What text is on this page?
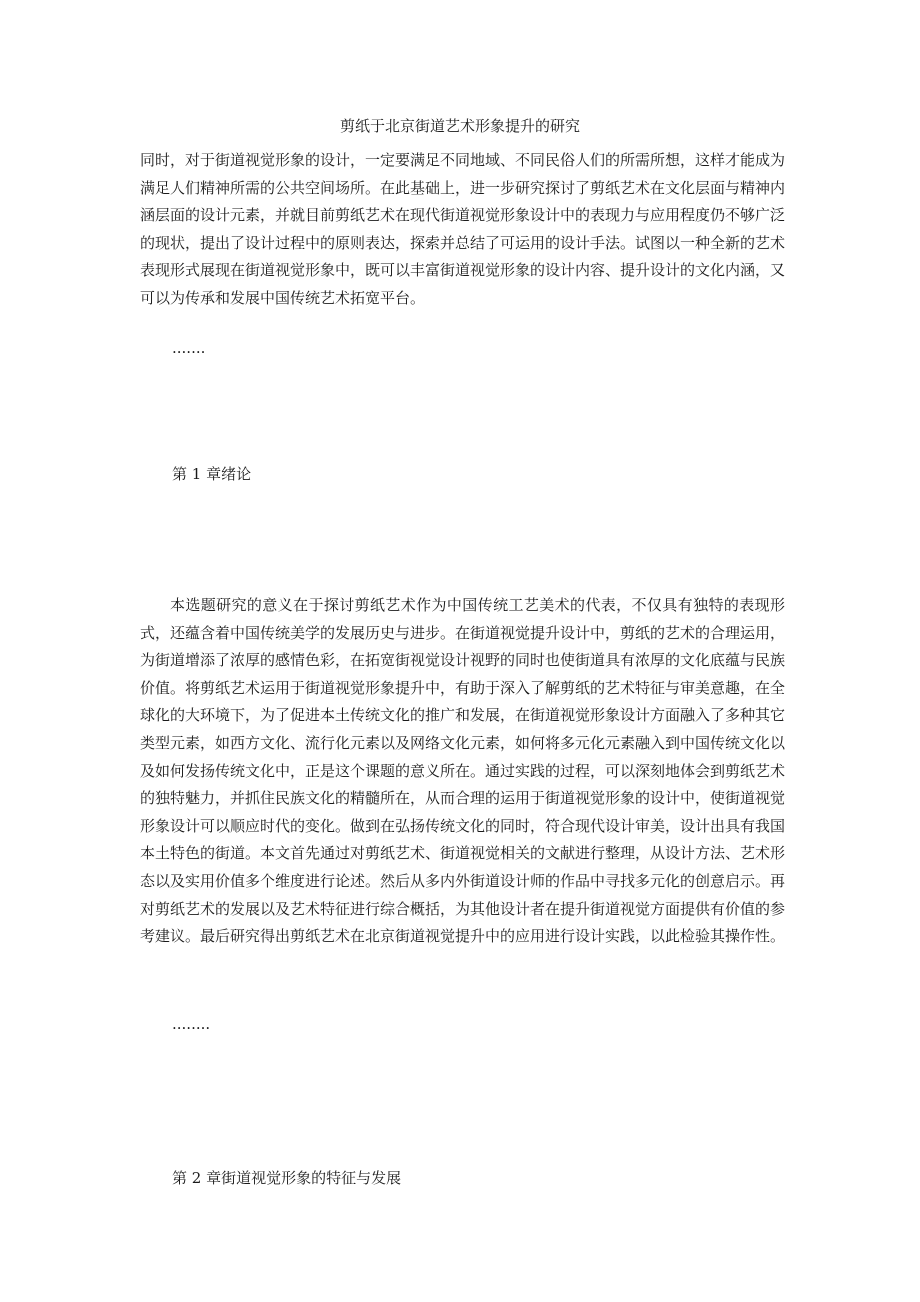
剪纸于北京街道艺术形象提升的研究

同时，对于街道视觉形象的设计，一定要满足不同地域、不同民俗人们的所需所想，这样才能成为满足人们精神所需的公共空间场所。在此基础上，进一步研究探讨了剪纸艺术在文化层面与精神内涵层面的设计元素，并就目前剪纸艺术在现代街道视觉形象设计中的表现力与应用程度仍不够广泛的现状，提出了设计过程中的原则表达，探索并总结了可运用的设计手法。试图以一种全新的艺术表现形式展现在街道视觉形象中，既可以丰富街道视觉形象的设计内容、提升设计的文化内涵，又可以为传承和发展中国传统艺术拓宽平台。

.......

第 1 章绪论

本选题研究的意义在于探讨剪纸艺术作为中国传统工艺美术的代表，不仅具有独特的表现形式，还蕴含着中国传统美学的发展历史与进步。在街道视觉提升设计中，剪纸的艺术的合理运用，为街道增添了浓厚的感情色彩，在拓宽街视觉设计视野的同时也使街道具有浓厚的文化底蕴与民族价值。将剪纸艺术运用于街道视觉形象提升中，有助于深入了解剪纸的艺术特征与审美意趣，在全球化的大环境下，为了促进本土传统文化的推广和发展，在街道视觉形象设计方面融入了多种其它类型元素，如西方文化、流行化元素以及网络文化元素，如何将多元化元素融入到中国传统文化以及如何发扬传统文化中，正是这个课题的意义所在。通过实践的过程，可以深刻地体会到剪纸艺术的独特魅力，并抓住民族文化的精髓所在，从而合理的运用于街道视觉形象的设计中，使街道视觉形象设计可以顺应时代的变化。做到在弘扬传统文化的同时，符合现代设计审美，设计出具有我国本土特色的街道。本文首先通过对剪纸艺术、街道视觉相关的文献进行整理，从设计方法、艺术形态以及实用价值多个维度进行论述。然后从多内外街道设计师的作品中寻找多元化的创意启示。再对剪纸艺术的发展以及艺术特征进行综合概括，为其他设计者在提升街道视觉方面提供有价值的参考建议。最后研究得出剪纸艺术在北京街道视觉提升中的应用进行设计实践，以此检验其操作性。

........

第 2 章街道视觉形象的特征与发展
